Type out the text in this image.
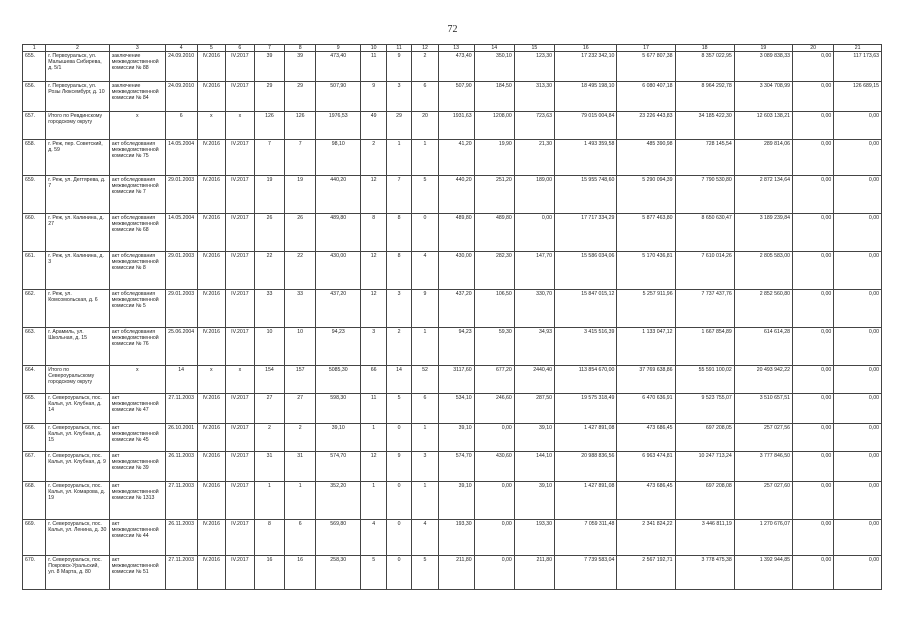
72
1	2	3	4	5	6	7	8	9	10	11	12	13	14	15	16	17	18	19	20	21
655.	г. Первоуральск, ул. Малышева Сибирева, д. 5/1	заключение межведомственной комиссии № 88	24.09.2010	IV.2016	IV.2017	39	39	473,40	11	9	2	473,40	350,10	123,30	17 232 342,10	5 677 807,38	8 357 022,95	3 089 838,33	0,00	117 173,63
656.	г. Первоуральск, ул. Розы Люксембург, д. 10	заключение межведомственной комиссии № 84	24.09.2010	IV.2016	IV.2017	29	29	507,90	9	3	6	507,90	184,50	313,30	18 495 198,10	6 080 407,18	8 964 292,78	3 304 708,99	0,00	126 689,15
657.	Итого по Ревдинскому городскому округу	x	6	x	x	126	126	1976,53	49	29	20	1931,63	1208,00	723,63	79 015 004,84	23 226 443,83	34 185 422,30	12 603 138,21	0,00	0,00
658.	г. Реж, пер. Советский, д. 59	акт обследования межведомственной комиссии № 75	14.05.2004	IV.2016	IV.2017	7	7	98,10	2	1	1	41,20	19,90	21,30	1 493 359,58	485 390,98	728 145,54	289 814,06	0,00	0,00
659.	г. Реж, ул. Дегтярева, д. 7	акт обследования межведомственной комиссии № 7	29.01.2003	IV.2016	IV.2017	19	19	440,20	12	7	5	440,20	251,20	189,00	15 955 748,60	5 290 094,39	7 790 530,80	2 872 134,64	0,00	0,00
660.	г. Реж, ул. Калинина, д. 27	акт обследования межведомственной комиссии № 68	14.05.2004	IV.2016	IV.2017	26	26	489,80	8	8	0	489,80	489,80	0,00	17 717 334,29	5 877 463,80	8 650 630,47	3 189 239,84	0,00	0,00
661.	г. Реж, ул. Калинина, д. 3	акт обследования межведомственной комиссии № 8	29.01.2003	IV.2016	IV.2017	22	22	430,00	12	8	4	430,00	282,30	147,70	15 586 034,06	5 170 436,81	7 610 014,26	2 805 583,00	0,00	0,00
662.	г. Реж, ул. Комсомольская, д. 6	акт обследования межведомственной комиссии № 5	29.01.2003	IV.2016	IV.2017	33	33	437,20	12	3	9	437,20	106,50	330,70	15 847 015,12	5 257 911,96	7 737 437,76	2 852 560,80	0,00	0,00
663.	г. Арамиль, ул. Школьная, д. 15	акт обследования межведомственной комиссии № 76	25.06.2004	IV.2016	IV.2017	10	10	94,23	3	2	1	94,23	59,30	34,93	3 415 516,39	1 133 047,12	1 667 854,89	614 614,28	0,00	0,00
664.	Итого по Североуральскому городскому округу	x	14	x	x	154	157	5085,30	66	14	52	3117,60	677,20	2440,40	113 854 670,00	37 769 638,86	55 591 100,02	20 493 942,22	0,00	0,00
665.	г. Североуральск, пос. Калья, ул. Клубная, д. 14	акт межведомственной комиссии № 47	27.11.2003	IV.2016	IV.2017	27	27	598,30	11	5	6	534,10	246,60	287,50	19 575 318,49	6 470 636,91	9 523 755,07	3 510 657,51	0,00	0,00
666.	г. Североуральск, пос. Калья, ул. Клубная, д. 15	акт межведомственной комиссии № 45	26.10.2001	IV.2016	IV.2017	2	2	39,10	1	0	1	39,10	0,00	39,10	1 427 891,08	473 686,45	697 208,05	257 027,56	0,00	0,00
667.	г. Североуральск, пос. Калья, ул. Клубная, д. 9	акт межведомственной комиссии № 39	26.11.2003	IV.2016	IV.2017	31	31	574,70	12	9	3	574,70	430,60	144,10	20 988 836,56	6 963 474,81	10 247 713,24	3 777 846,50	0,00	0,00
668.	г. Североуральск, пос. Калья, ул. Комарова, д. 19	акт межведомственной комиссии № 1313	27.11.2003	IV.2016	IV.2017	1	1	352,20	1	0	1	39,10	0,00	39,10	1 427 891,08	473 686,45	697 208,08	257 027,60	0,00	0,00
669.	г. Североуральск, пос. Калья, ул. Ленина, д. 30	акт межведомственной комиссии № 44	26.11.2003	IV.2016	IV.2017	8	6	569,80	4	0	4	193,30	0,00	193,30	7 059 311,48	2 341 824,22	3 446 811,19	1 270 676,07	0,00	0,00
670.	г. Североуральск, пос. Покровск-Уральский, ул. 8 Марта, д. 80	акт межведомственной комиссии № 51	27.11.2003	IV.2016	IV.2017	16	16	258,30	5	0	5	211,80	0,00	211,80	7 739 583,04	2 567 192,71	3 778 475,38	1 392 944,85	0,00	0,00
